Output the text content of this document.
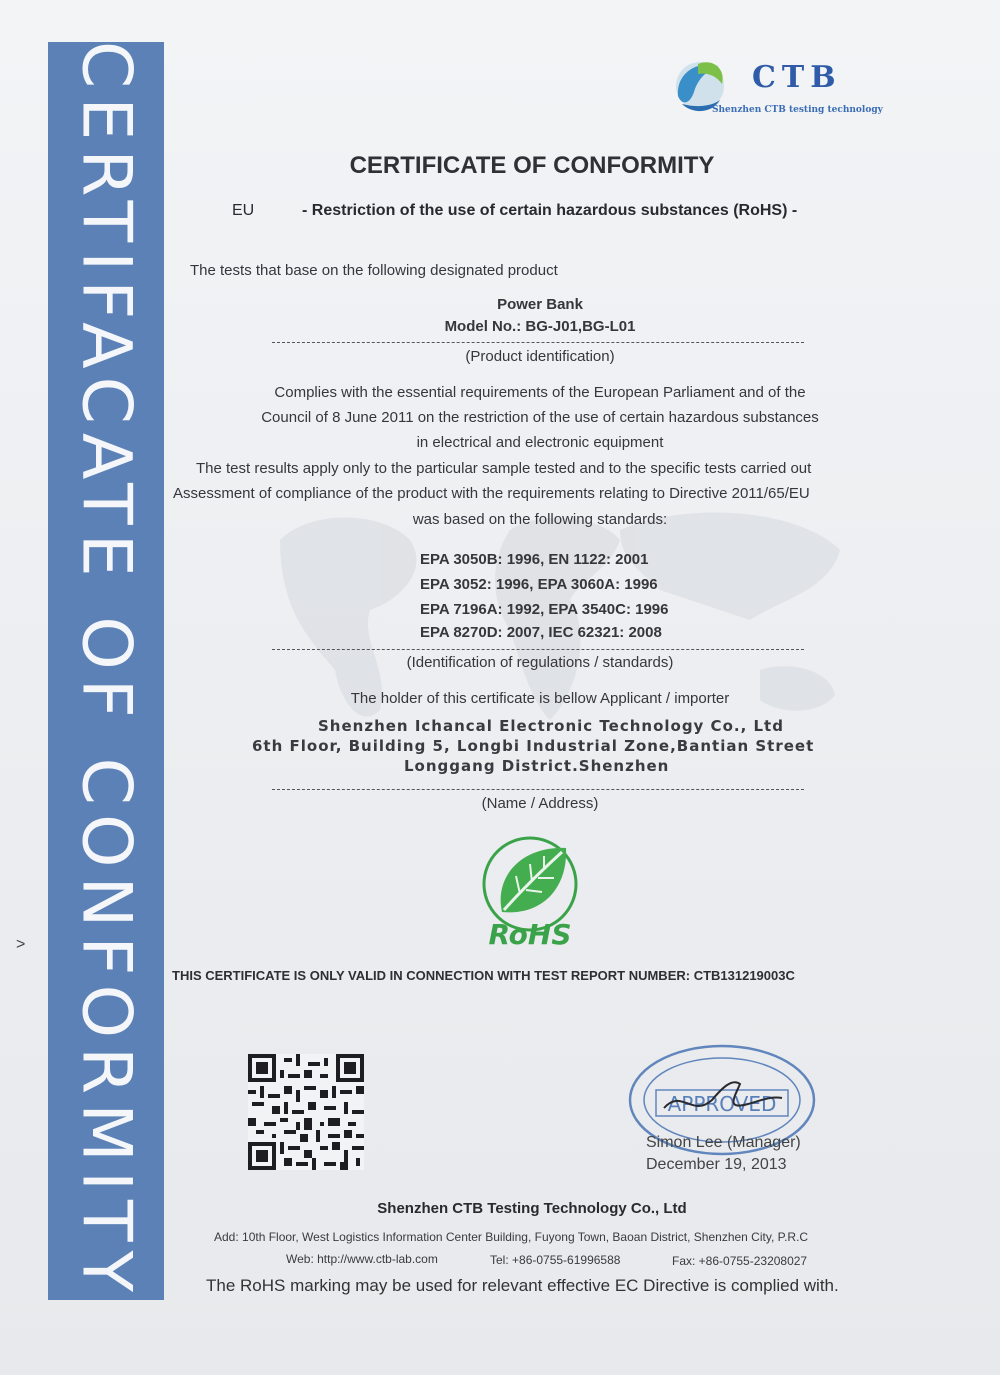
CERTIFACATE OF CONFORMITY	CTB
Shenzhen CTB testing technology
CERTIFICATE OF CONFORMITY
EU	- Restriction of the use of certain hazardous substances (RoHS) -
The tests that base on the following designated product
Power Bank
Model No.: BG-J01,BG-L01
(Product identification)
Complies with the essential requirements of the European Parliament and of the
Council of 8 June 2011 on the restriction of the use of certain hazardous substances
in electrical and electronic equipment
The test results apply only to the particular sample tested and to the specific tests carried out
Assessment of compliance of the product with the requirements relating to Directive 2011/65/EU
was based on the following standards:
EPA 3050B: 1996, EN 1122: 2001
EPA 3052: 1996, EPA 3060A: 1996
EPA 7196A: 1992, EPA 3540C: 1996
EPA 8270D: 2007, IEC 62321: 2008
(Identification of regulations / standards)
The holder of this certificate is bellow Applicant / importer
Shenzhen Ichancal Electronic Technology Co., Ltd
6th Floor, Building 5, Longbi Industrial Zone,Bantian Street
Longgang District.Shenzhen
(Name / Address)
RoHS
THIS CERTIFICATE IS ONLY VALID IN CONNECTION WITH TEST REPORT NUMBER: CTB131219003C
APPROVED
Simon Lee (Manager)
December 19, 2013
Shenzhen CTB Testing Technology Co., Ltd
Add: 10th Floor, West Logistics Information Center Building, Fuyong Town, Baoan District, Shenzhen City, P.R.C
Web: http://www.ctb-lab.com	Tel: +86-0755-61996588	Fax: +86-0755-23208027
The RoHS marking may be used for relevant effective EC Directive is complied with.
˃
